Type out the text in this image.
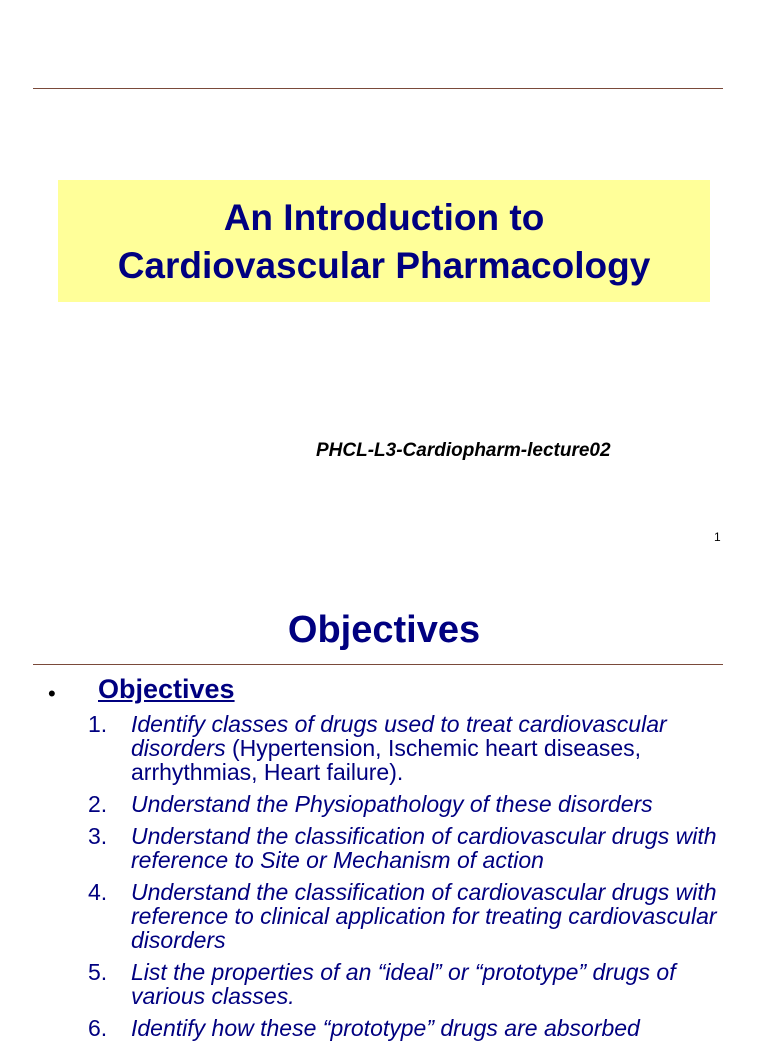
An Introduction to
Cardiovascular Pharmacology
PHCL-L3-Cardiopharm-lecture02
1
Objectives
• Objectives
1. Identify classes of drugs used to treat cardiovascular disorders (Hypertension, Ischemic heart diseases, arrhythmias, Heart failure).
2. Understand the Physiopathology of these disorders
3. Understand the classification of cardiovascular drugs with reference to Site or Mechanism of action
4. Understand the classification of cardiovascular drugs with reference to clinical application for treating cardiovascular disorders
5. List the properties of an “ideal” or “prototype” drugs of various classes.
6. Identify how these “prototype” drugs are absorbed
